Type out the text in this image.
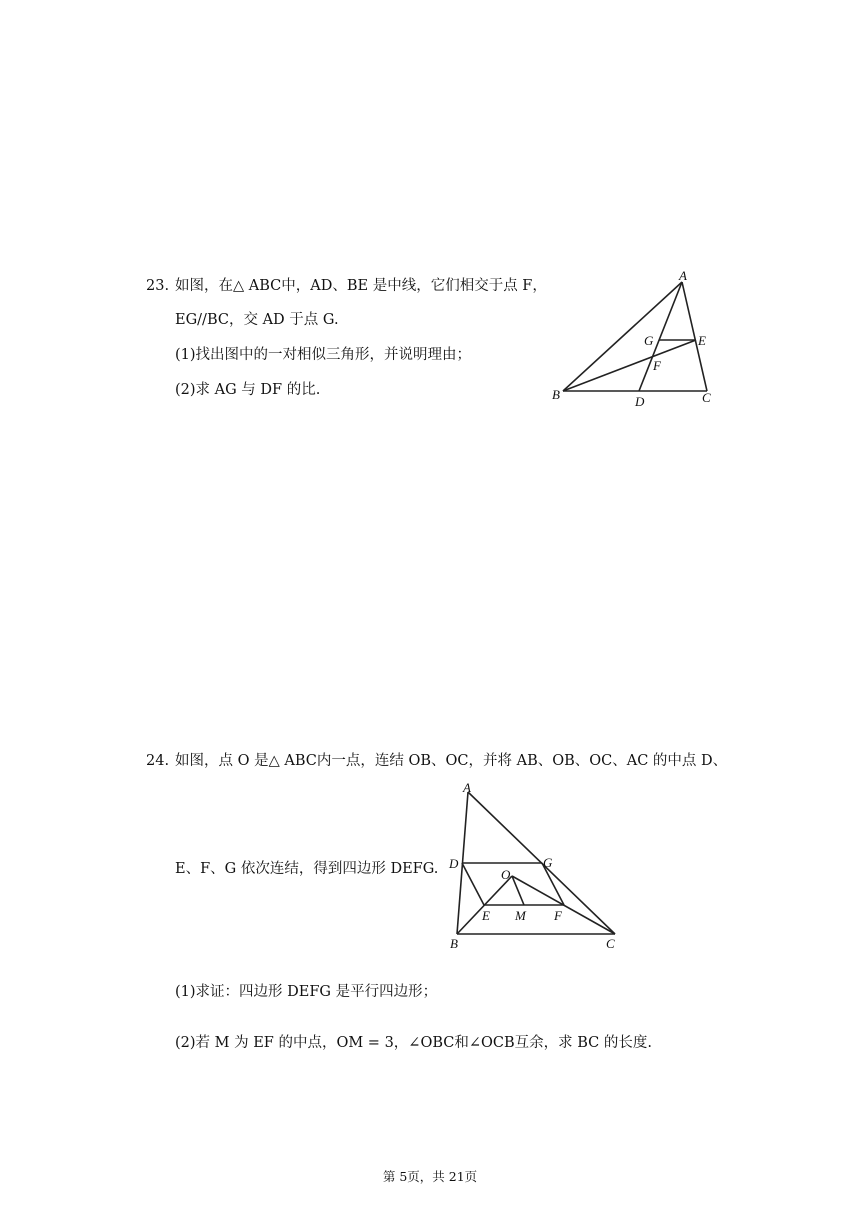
23. 如图，在△ ABC中，AD、BE 是中线，它们相交于点 F，
EG//BC，交 AD 于点 G.
(1)找出图中的一对相似三角形，并说明理由；
(2)求 AG 与 DF 的比.
A
B	C
D
E
F
G
24. 如图，点 O 是△ ABC内一点，连结 OB、OC，并将 AB、OB、OC、AC 的中点 D、
E、F、G 依次连结，得到四边形 DEFG.
A
B	C
D
E	F
G
O
M
(1)求证：四边形 DEFG 是平行四边形；
(2)若 M 为 EF 的中点，OM = 3，∠OBC和∠OCB互余，求 BC 的长度.
第 5页，共 21页
